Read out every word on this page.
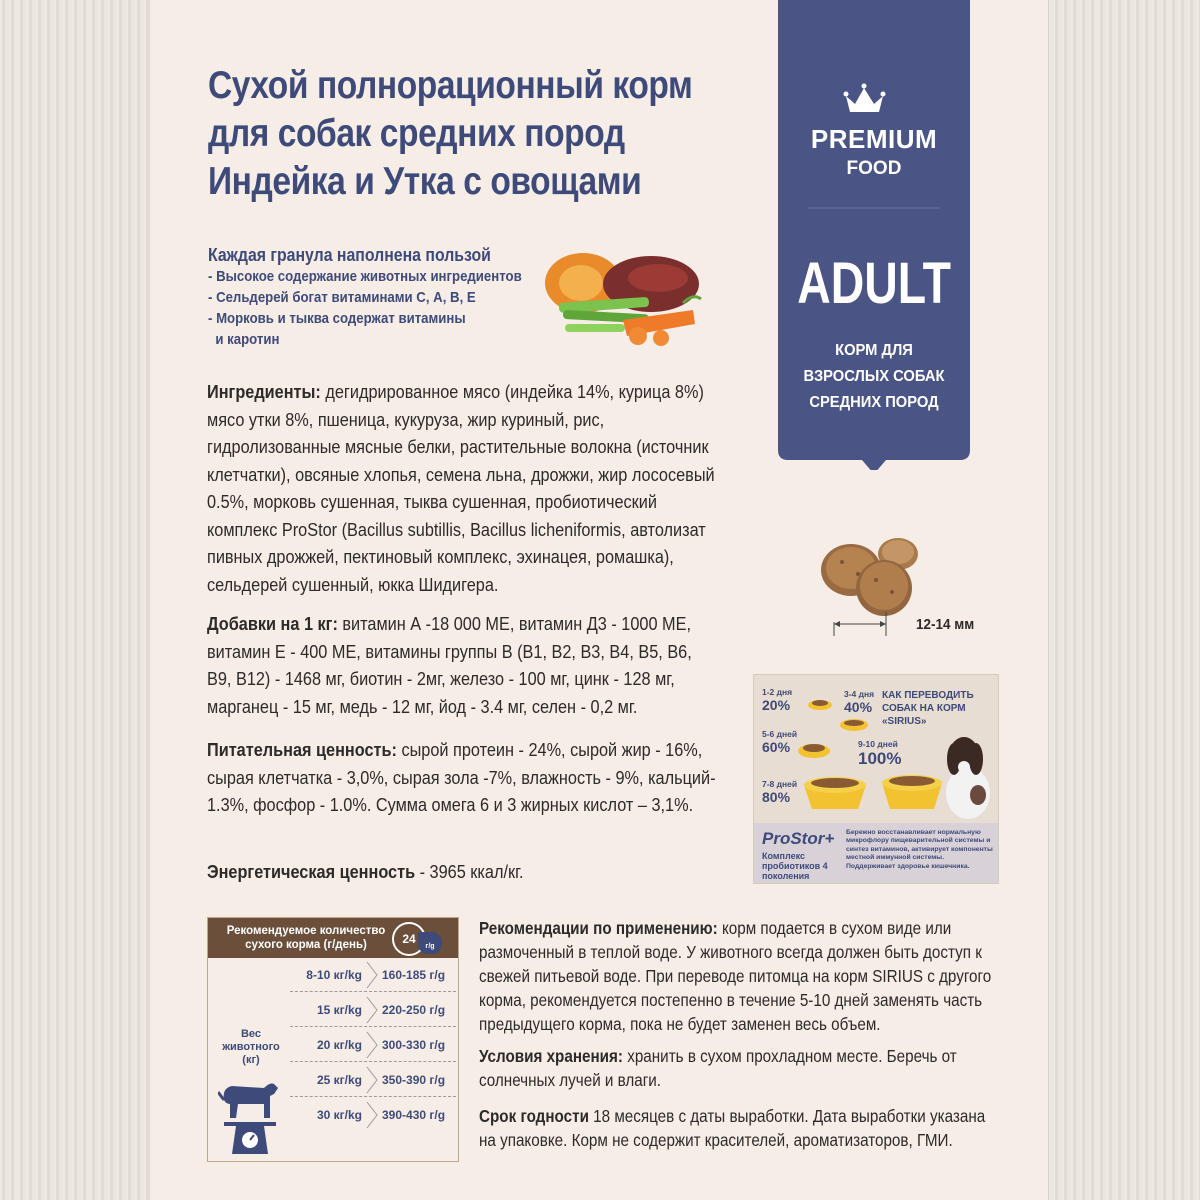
Сухой полнорационный корм
для собак средних пород
Индейка и Утка с овощами
Каждая гранула наполнена пользой
- Высокое содержание животных ингредиентов
- Сельдерей богат витаминами С, А, В, Е
- Морковь и тыква содержат витамины
и каротин
Ингредиенты: дегидрированное мясо (индейка 14%, курица 8%) мясо утки 8%, пшеница, кукуруза, жир куриный, рис, гидролизованные мясные белки, растительные волокна (источник клетчатки), овсяные хлопья, семена льна, дрожжи, жир лососевый 0.5%, морковь сушенная, тыква сушенная, пробиотический комплекс ProStor (Bacillus subtillis, Bacillus licheniformis, автолизат пивных дрожжей, пектиновый комплекс, эхинацея, ромашка), сельдерей сушенный, юкка Шидигера.
Добавки на 1 кг: витамин А -18 000 МЕ, витамин Д3 - 1000 МЕ, витамин Е - 400 МЕ, витамины группы В (В1, В2, В3, В4, В5, В6, В9, В12) - 1468 мг, биотин - 2мг, железо - 100 мг, цинк - 128 мг, марганец - 15 мг, медь - 12 мг, йод - 3.4 мг, селен - 0,2 мг.
Питательная ценность: сырой протеин - 24%, сырой жир - 16%, сырая клетчатка - 3,0%, сырая зола -7%, влажность - 9%, кальций- 1.3%, фосфор - 1.0%. Сумма омега 6 и 3 жирных кислот – 3,1%.
Энергетическая ценность - 3965 ккал/кг.
PREMIUM
FOOD
ADULT
КОРМ ДЛЯ
ВЗРОСЛЫХ СОБАК
СРЕДНИХ ПОРОД
12-14 мм
КАК ПЕРЕВОДИТЬ СОБАК НА КОРМ «SIRIUS»
1-2 дня
20%
3-4 дня
40%
5-6 дней
60%	9-10 дней
100%
7-8 дней
80%
ProStor+
Комплекс пробиотиков 4 поколения
Бережно восстанавливает нормальную микрофлору пищеварительной системы и синтез витаминов, активирует компоненты местной иммунной системы. Поддерживает здоровье кишечника.
Рекомендуемое количество сухого корма (г/день)	24
г/g
Вес животного (кг)
8-10 кг/kg 160-185 г/g
15 кг/kg 220-250 г/g
20 кг/kg 300-330 г/g
25 кг/kg 350-390 г/g
30 кг/kg 390-430 г/g
Рекомендации по применению: корм подается в сухом виде или размоченный в теплой воде. У животного всегда должен быть доступ к свежей питьевой воде. При переводе питомца на корм SIRIUS с другого корма, рекомендуется постепенно в течение 5-10 дней заменять часть предыдущего корма, пока не будет заменен весь объем.
Условия хранения: хранить в сухом прохладном месте. Беречь от солнечных лучей и влаги.
Срок годности 18 месяцев с даты выработки. Дата выработки указана на упаковке. Корм не содержит красителей, ароматизаторов, ГМИ.
